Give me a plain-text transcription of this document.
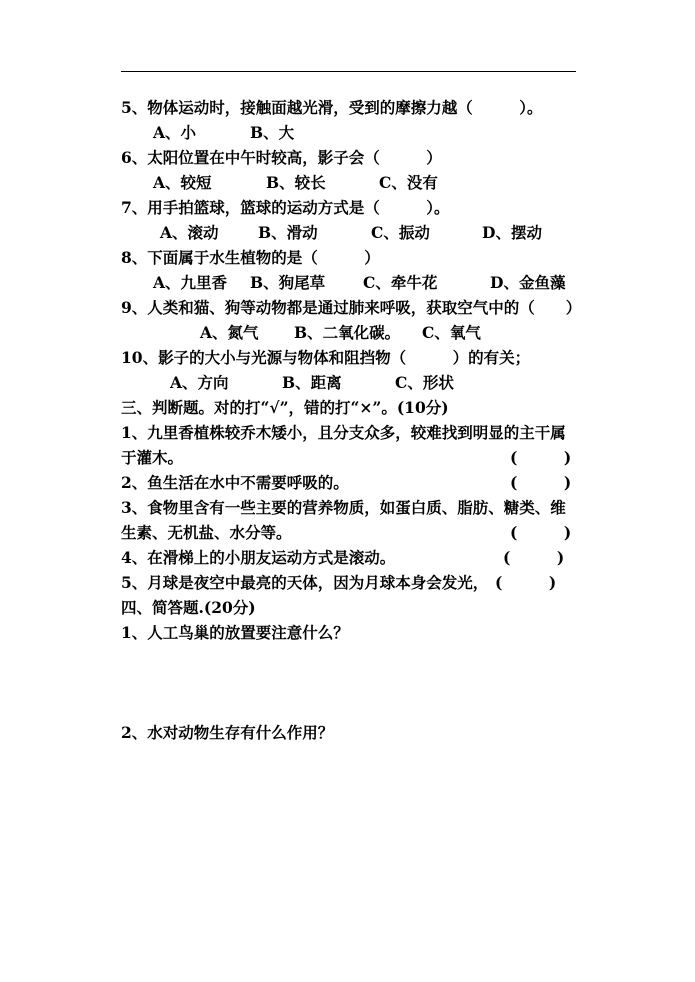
5、物体运动时，接触面越光滑，受到的摩擦力越（　　　）。
A、小	B、大
6、太阳位置在中午时较高，影子会（　　　）
A、较短	B、较长	C、没有
7、用手拍篮球，篮球的运动方式是（　　　）。
A、滚动	B、滑动	C、振动	D、摆动
8、下面属于水生植物的是（　　　）
A、九里香 B、狗尾草 C、牵牛花	D、金鱼藻
9、人类和猫、狗等动物都是通过肺来呼吸，获取空气中的（　　）
A、氮气 B、二氧化碳。 C、氧气
10、影子的大小与光源与物体和阻挡物（　　　）的有关；
A、方向	B、距离	C、形状
三、判断题。对的打“√”，错的打“×”。(10分)
1、九里香植株较乔木矮小，且分支众多，较难找到明显的主干属
于灌木。	(　　　)
2、鱼生活在水中不需要呼吸的。	(　　　)
3、食物里含有一些主要的营养物质，如蛋白质、脂肪、糖类、维
生素、无机盐、水分等。	(　　　)
4、在滑梯上的小朋友运动方式是滚动。	(　　　)
5、月球是夜空中最亮的天体，因为月球本身会发光， (　　　)
四、简答题.(20分)
1、人工鸟巢的放置要注意什么？
2、水对动物生存有什么作用？
